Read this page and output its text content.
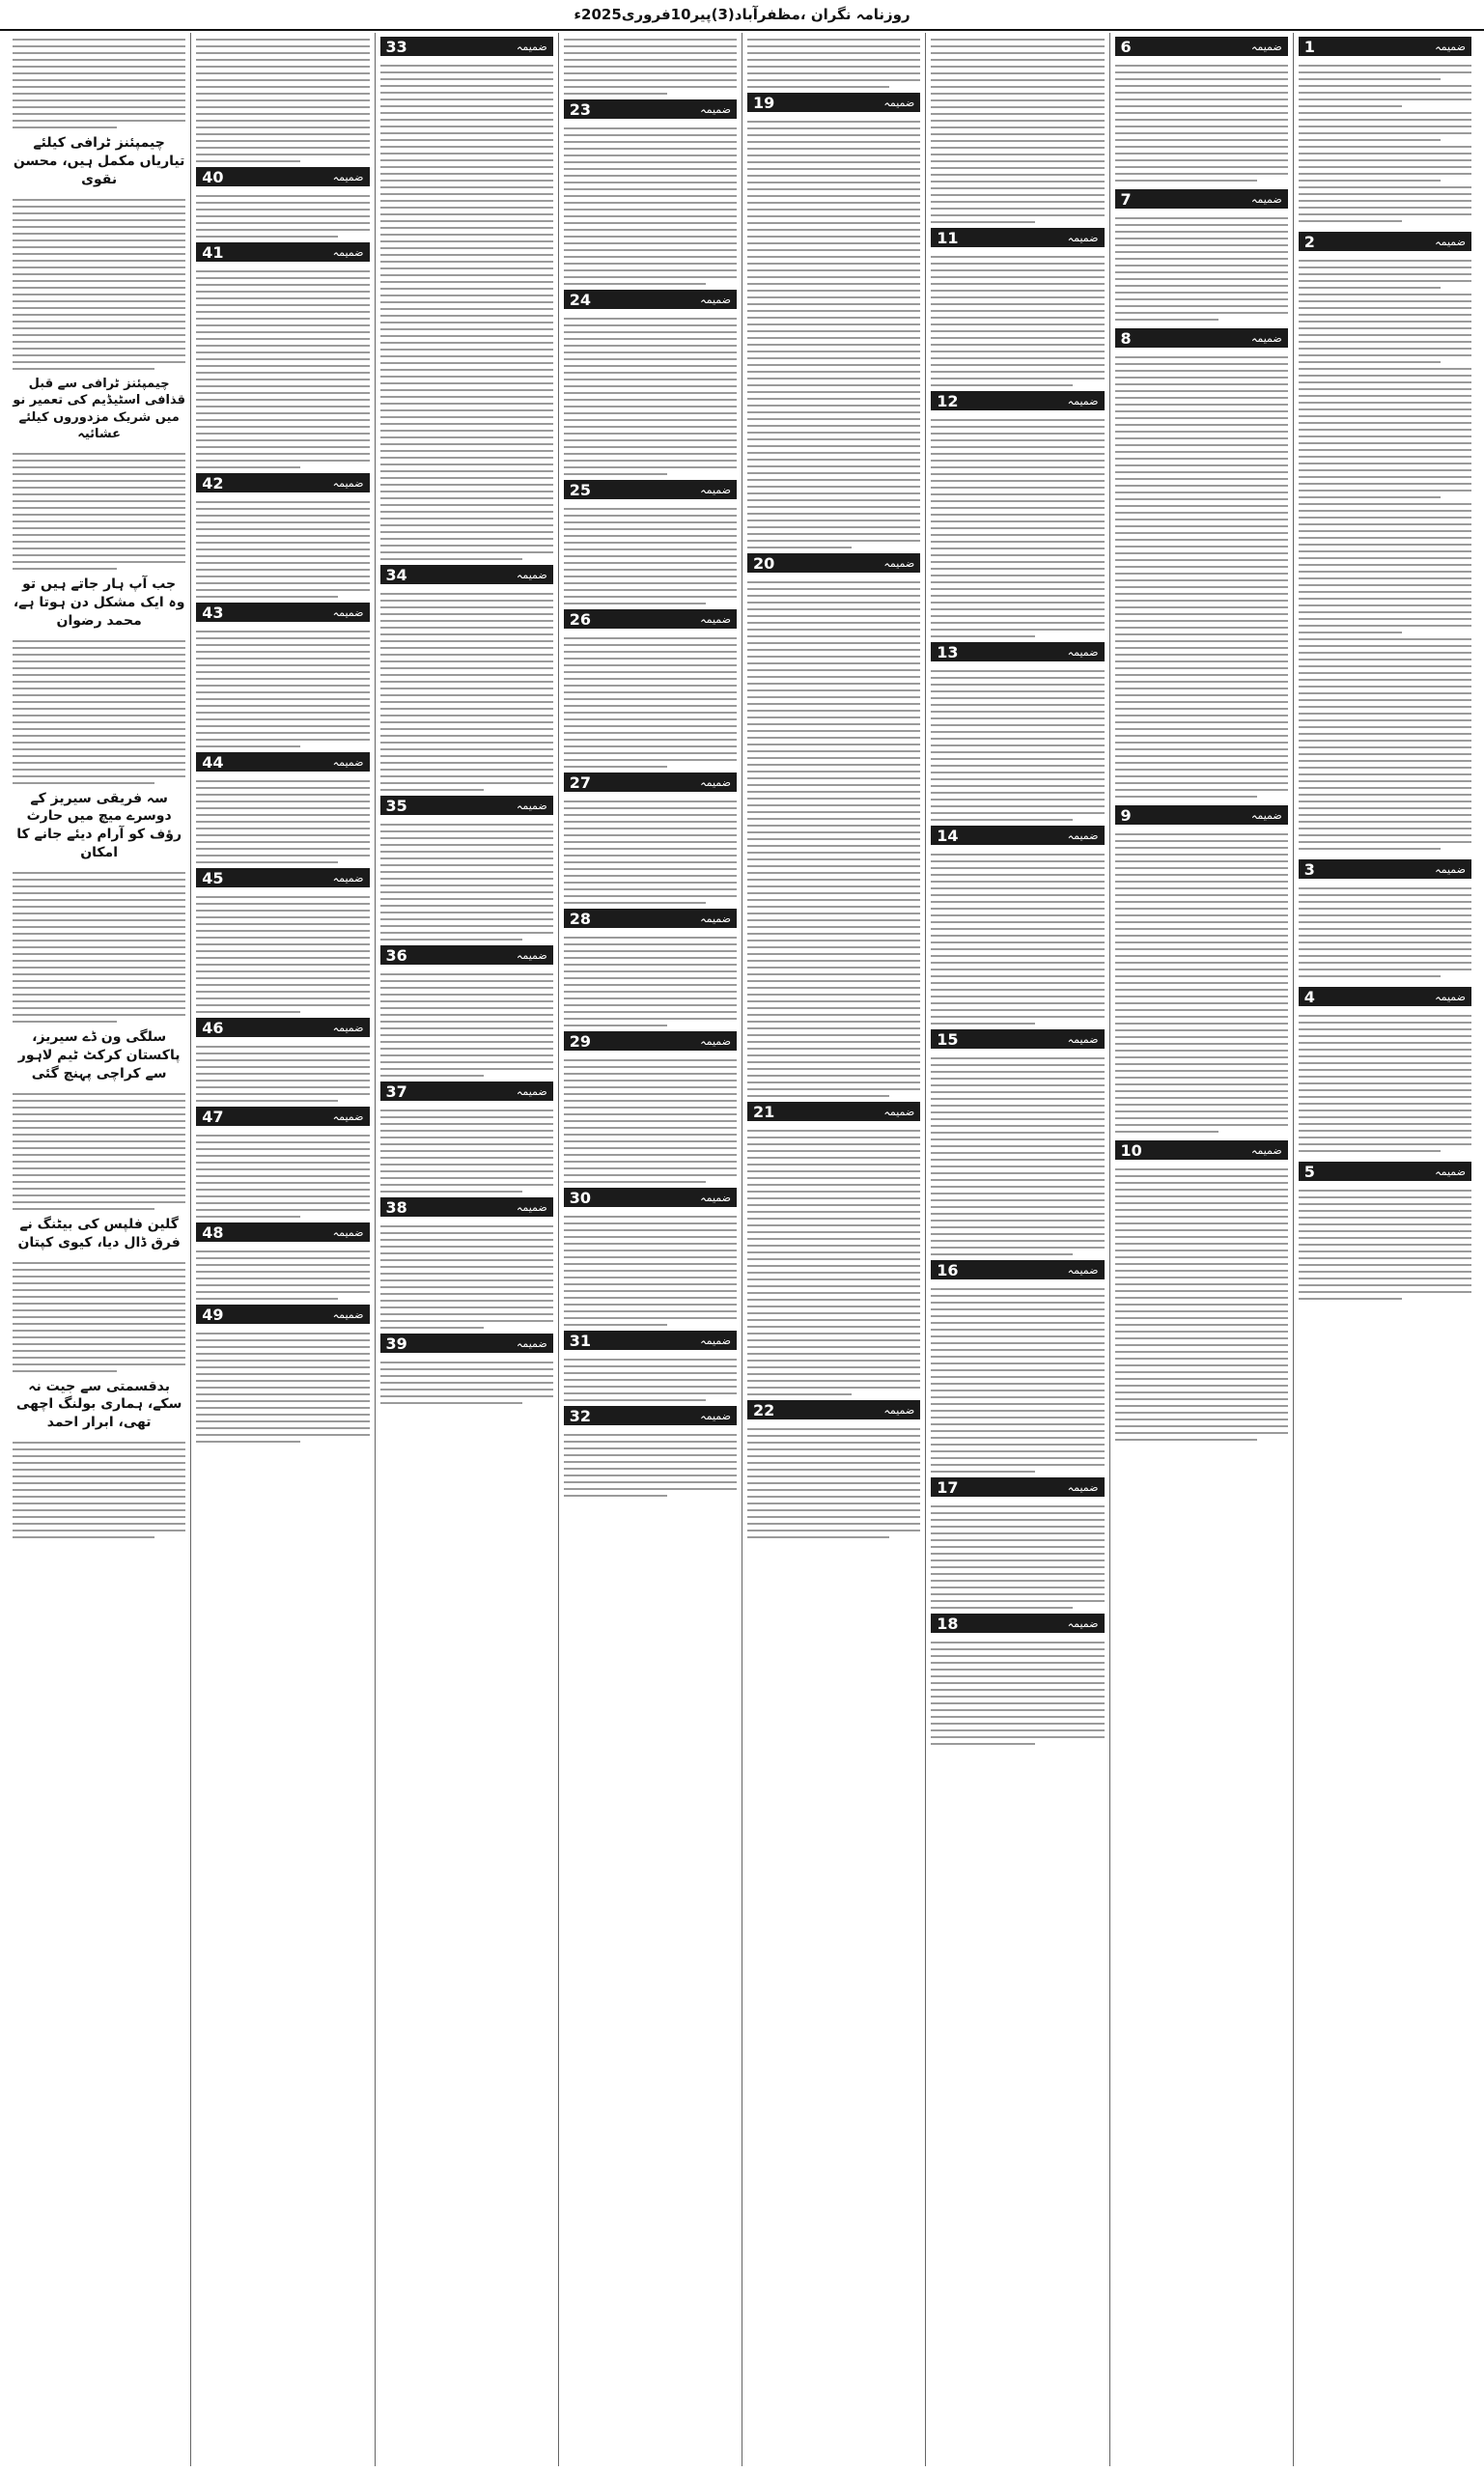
روزنامہ نگران ،مظفرآباد(3)پیر10فروری2025ء
1	ضمیمہ
2	ضمیمہ
3	ضمیمہ
4	ضمیمہ
5	ضمیمہ
6	ضمیمہ
7	ضمیمہ
8	ضمیمہ
9	ضمیمہ
10	ضمیمہ
11	ضمیمہ
12	ضمیمہ
13	ضمیمہ
14	ضمیمہ
15	ضمیمہ
16	ضمیمہ
17	ضمیمہ
18	ضمیمہ
19	ضمیمہ
20	ضمیمہ
21	ضمیمہ
22	ضمیمہ
23	ضمیمہ
24	ضمیمہ
25	ضمیمہ
26	ضمیمہ
27	ضمیمہ
28	ضمیمہ
29	ضمیمہ
30	ضمیمہ
31	ضمیمہ
32	ضمیمہ
33	ضمیمہ
34	ضمیمہ
35	ضمیمہ
36	ضمیمہ
37	ضمیمہ
38	ضمیمہ
39	ضمیمہ
40	ضمیمہ
41	ضمیمہ
42	ضمیمہ
43	ضمیمہ
44	ضمیمہ
45	ضمیمہ
46	ضمیمہ
47	ضمیمہ
48	ضمیمہ
49	ضمیمہ
چیمپئنز ٹرافی کیلئے تیاریاں مکمل ہیں، محسن نقوی
چیمپئنز ٹرافی سے قبل قذافی اسٹیڈیم کی تعمیر نو میں شریک مزدوروں کیلئے عشائیہ
جب آپ ہار جاتے ہیں تو وہ ایک مشکل دن ہوتا ہے، محمد رضوان
سہ فریقی سیریز کے دوسرے میچ میں حارث رؤف کو آرام دیئے جانے کا امکان
سلگی ون ڈے سیریز، پاکستان کرکٹ ٹیم لاہور سے کراچی پہنچ گئی
گلین فلپس کی بیٹنگ نے فرق ڈال دیا، کیوی کپتان
بدقسمتی سے جیت نہ سکے، ہماری بولنگ اچھی تھی، ابرار احمد
